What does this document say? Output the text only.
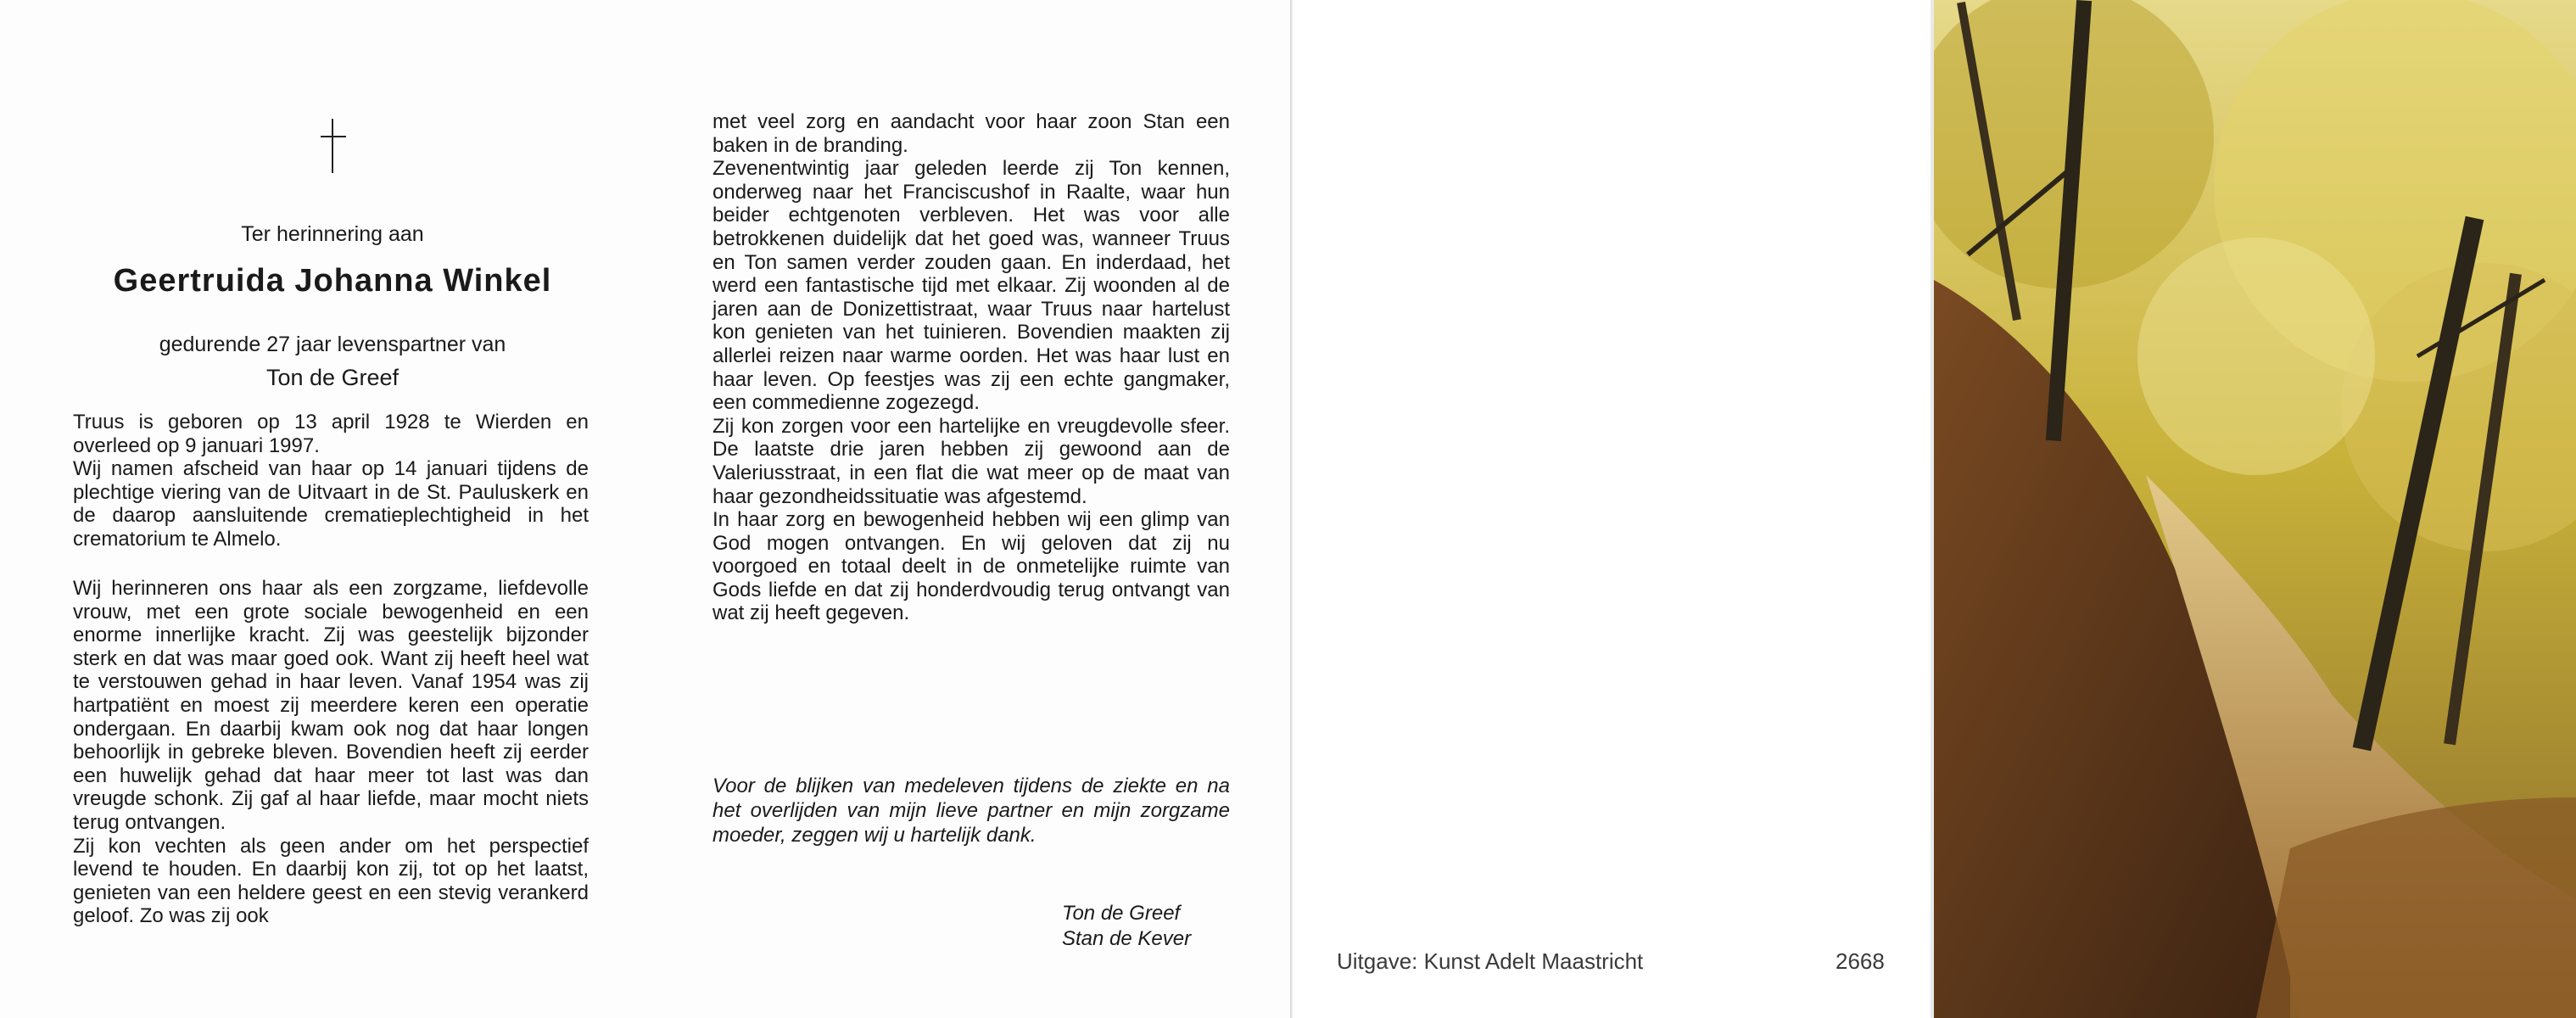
Ter herinnering aan
Geertruida Johanna Winkel
gedurende 27 jaar levenspartner van
Ton de Greef

Truus is geboren op 13 april 1928 te Wierden en overleed op 9 januari 1997.

Wij namen afscheid van haar op 14 januari tijdens de plechtige viering van de Uitvaart in de St. Pauluskerk en de daarop aansluitende crematieplechtigheid in het crematorium te Almelo.

Wij herinneren ons haar als een zorgzame, liefdevolle vrouw, met een grote sociale bewogenheid en een enorme innerlijke kracht. Zij was geestelijk bijzonder sterk en dat was maar goed ook. Want zij heeft heel wat te verstouwen gehad in haar leven. Vanaf 1954 was zij hartpatiënt en moest zij meerdere keren een operatie ondergaan. En daarbij kwam ook nog dat haar longen behoorlijk in gebreke bleven. Bovendien heeft zij eerder een huwelijk gehad dat haar meer tot last was dan vreugde schonk. Zij gaf al haar liefde, maar mocht niets terug ontvangen.

Zij kon vechten als geen ander om het perspectief levend te houden. En daarbij kon zij, tot op het laatst, genieten van een heldere geest en een stevig verankerd geloof. Zo was zij ook

met veel zorg en aandacht voor haar zoon Stan een baken in de branding.

Zevenentwintig jaar geleden leerde zij Ton kennen, onderweg naar het Franciscushof in Raalte, waar hun beider echtgenoten verbleven. Het was voor alle betrokkenen duidelijk dat het goed was, wanneer Truus en Ton samen verder zouden gaan. En inderdaad, het werd een fantastische tijd met elkaar. Zij woonden al de jaren aan de Donizettistraat, waar Truus naar hartelust kon genieten van het tuinieren. Bovendien maakten zij allerlei reizen naar warme oorden. Het was haar lust en haar leven. Op feestjes was zij een echte gangmaker, een commedienne zogezegd.

Zij kon zorgen voor een hartelijke en vreugdevolle sfeer. De laatste drie jaren hebben zij gewoond aan de Valeriusstraat, in een flat die wat meer op de maat van haar gezondheidssituatie was afgestemd.

In haar zorg en bewogenheid hebben wij een glimp van God mogen ontvangen. En wij geloven dat zij nu voorgoed en totaal deelt in de onmetelijke ruimte van Gods liefde en dat zij honderdvoudig terug ontvangt van wat zij heeft gegeven.

Voor de blijken van medeleven tijdens de ziekte en na het overlijden van mijn lieve partner en mijn zorgzame moeder, zeggen wij u hartelijk dank.
Ton de Greef
Stan de Kever
Uitgave: Kunst Adelt Maastricht	2668
